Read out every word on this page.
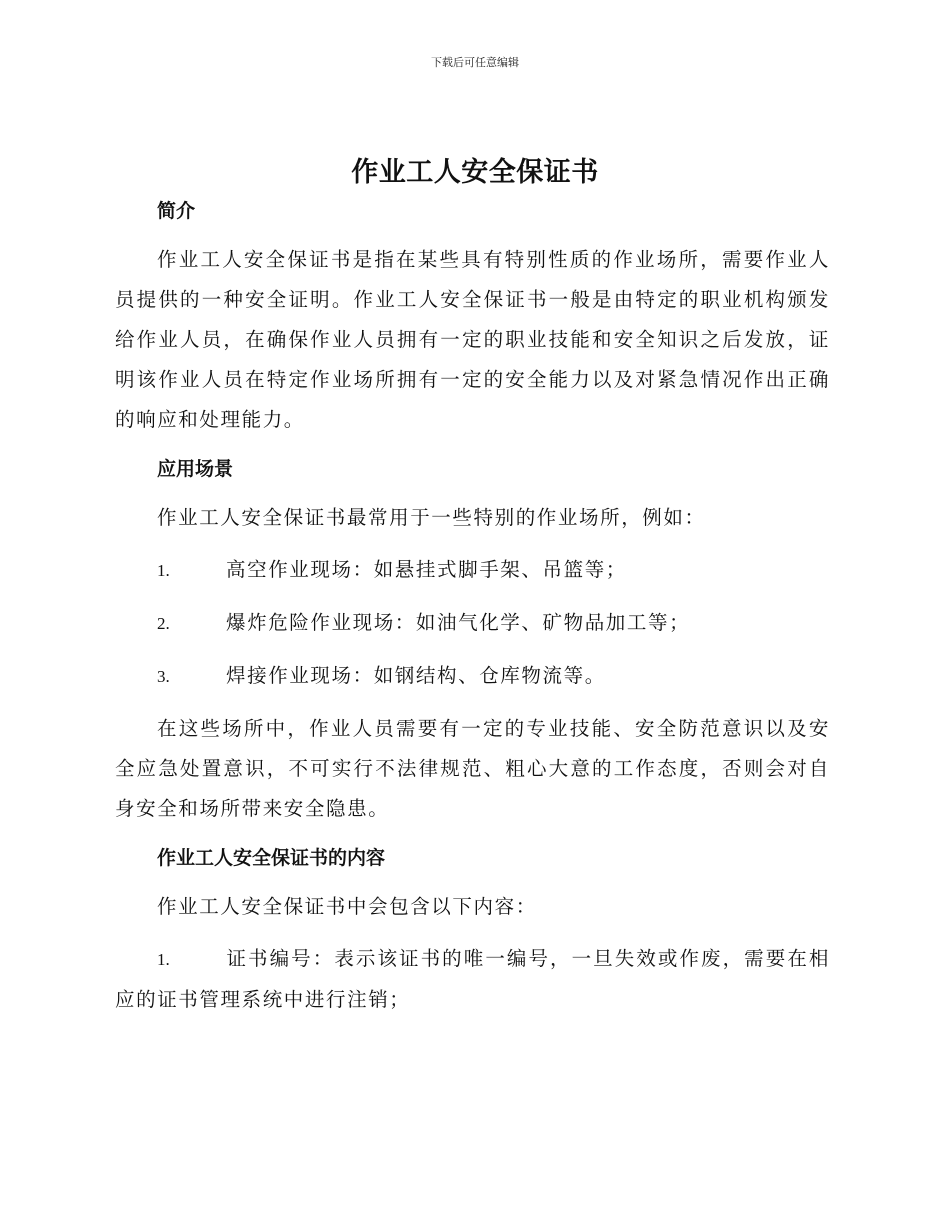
下载后可任意编辑
作业工人安全保证书
简介

作业工人安全保证书是指在某些具有特别性质的作业场所，需要作业人员提供的一种安全证明。作业工人安全保证书一般是由特定的职业机构颁发给作业人员，在确保作业人员拥有一定的职业技能和安全知识之后发放，证明该作业人员在特定作业场所拥有一定的安全能力以及对紧急情况作出正确的响应和处理能力。

应用场景

作业工人安全保证书最常用于一些特别的作业场所，例如：

1.	高空作业现场：如悬挂式脚手架、吊篮等；

2.	爆炸危险作业现场：如油气化学、矿物品加工等；

3.	焊接作业现场：如钢结构、仓库物流等。

在这些场所中，作业人员需要有一定的专业技能、安全防范意识以及安全应急处置意识，不可实行不法律规范、粗心大意的工作态度，否则会对自身安全和场所带来安全隐患。

作业工人安全保证书的内容

作业工人安全保证书中会包含以下内容：

1.	证书编号：表示该证书的唯一编号，一旦失效或作废，需要在相应的证书管理系统中进行注销；
